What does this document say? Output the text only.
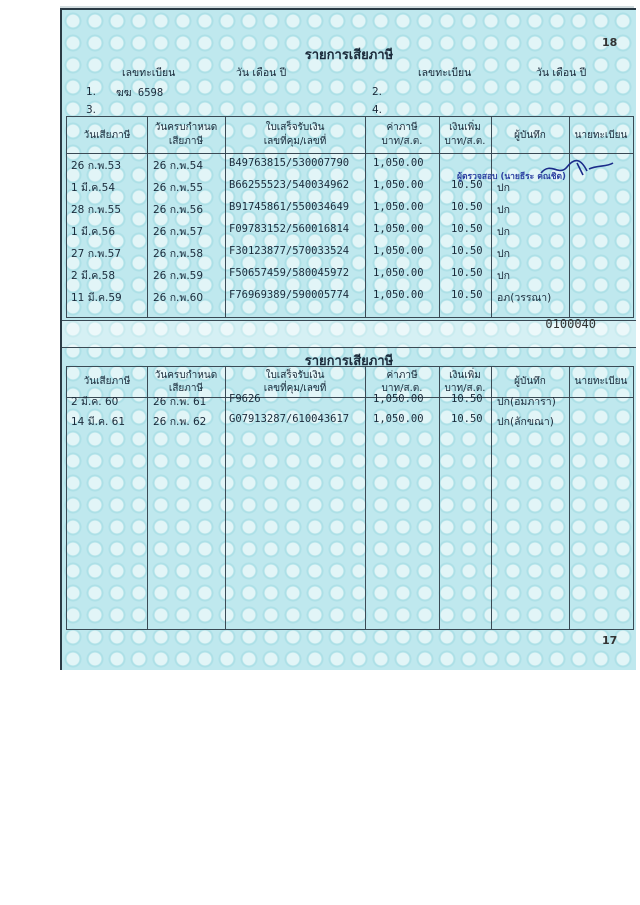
18
รายการเสียภาษี
เลขทะเบียน	วัน เดือน ปี	เลขทะเบียน	วัน เดือน ปี
1. ฆฆ 6598	2.
3.	4.
วันเสียภาษี
วันครบกำหนด
เสียภาษี
ใบเสร็จรับเงิน
เลขที่คุม/เลขที่
ค่าภาษี
บาท/ส.ต.
เงินเพิ่ม
บาท/ส.ต.
ผู้บันทึก	นายทะเบียน
26 ก.พ.53	26 ก.พ.54 B49763815/530007790 1,050.00
1 มี.ค.54	26 ก.พ.55 B66255523/540034962 1,050.00	10.50 ปก
28 ก.พ.55	26 ก.พ.56 B91745861/550034649 1,050.00	10.50 ปก
1 มี.ค.56	26 ก.พ.57 F09783152/560016814 1,050.00	10.50 ปก
27 ก.พ.57	26 ก.พ.58 F30123877/570033524 1,050.00	10.50 ปก
2 มี.ค.58	26 ก.พ.59 F50657459/580045972 1,050.00	10.50 ปก
11 มี.ค.59	26 ก.พ.60 F76969389/590005774 1,050.00	10.50 อภ(วรรณา)
ผู้ตรวจสอบ (นายธีระ คณชิต)
0100040
รายการเสียภาษี
วันเสียภาษี
วันครบกำหนด
เสียภาษี
ใบเสร็จรับเงิน
เลขที่คุม/เลขที่
ค่าภาษี
บาท/ส.ต.
เงินเพิ่ม
บาท/ส.ต.
ผู้บันทึก	นายทะเบียน
2 มี.ค. 60	26 ก.พ. 61 F9626	1,050.00	10.50 ปก(อมภารา)
14 มี.ค. 61	26 ก.พ. 62 G07913287/610043617 1,050.00	10.50 ปก(ลักขณา)
17
